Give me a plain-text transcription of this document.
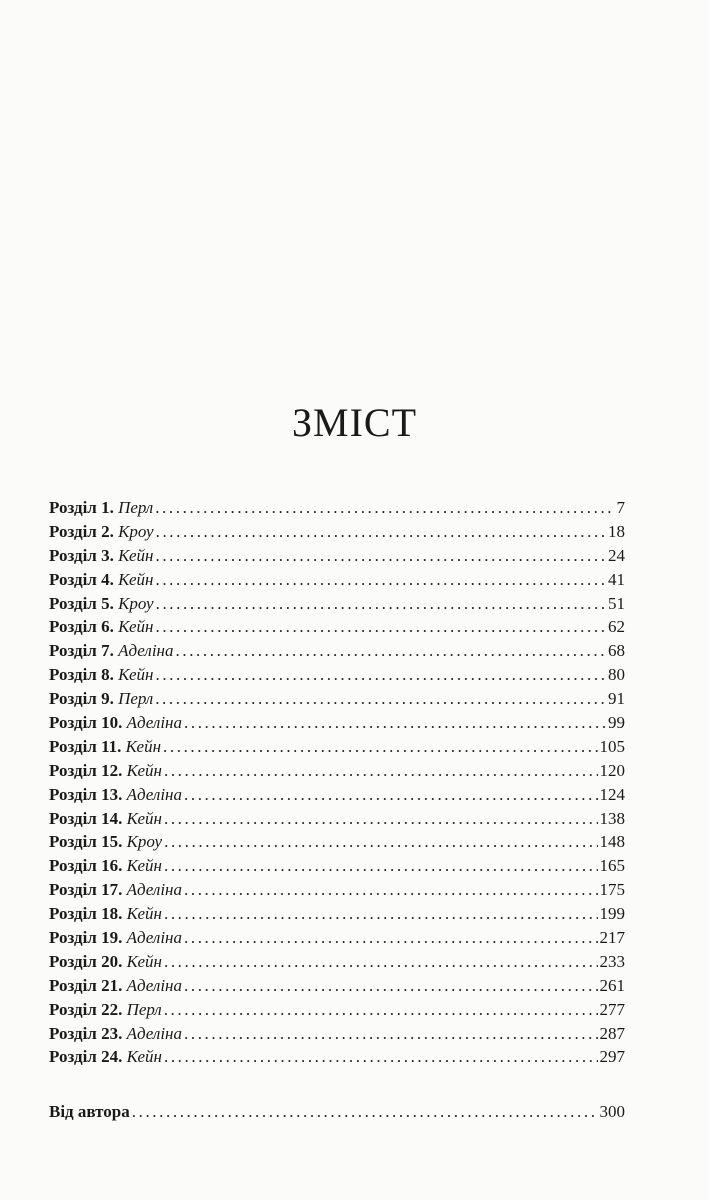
ЗМІСТ
Розділ 1. Перл .....	7
Розділ 2. Кроу .....	18
Розділ 3. Кейн .....	24
Розділ 4. Кейн .....	41
Розділ 5. Кроу .....	51
Розділ 6. Кейн .....	62
Розділ 7. Аделіна .....	68
Розділ 8. Кейн .....	80
Розділ 9. Перл .....	91
Розділ 10. Аделіна .....	99
Розділ 11. Кейн .....	105
Розділ 12. Кейн .....	120
Розділ 13. Аделіна .....	124
Розділ 14. Кейн .....	138
Розділ 15. Кроу .....	148
Розділ 16. Кейн .....	165
Розділ 17. Аделіна .....	175
Розділ 18. Кейн .....	199
Розділ 19. Аделіна .....	217
Розділ 20. Кейн .....	233
Розділ 21. Аделіна .....	261
Розділ 22. Перл .....	277
Розділ 23. Аделіна .....	287
Розділ 24. Кейн .....	297
Від автора .....	300
